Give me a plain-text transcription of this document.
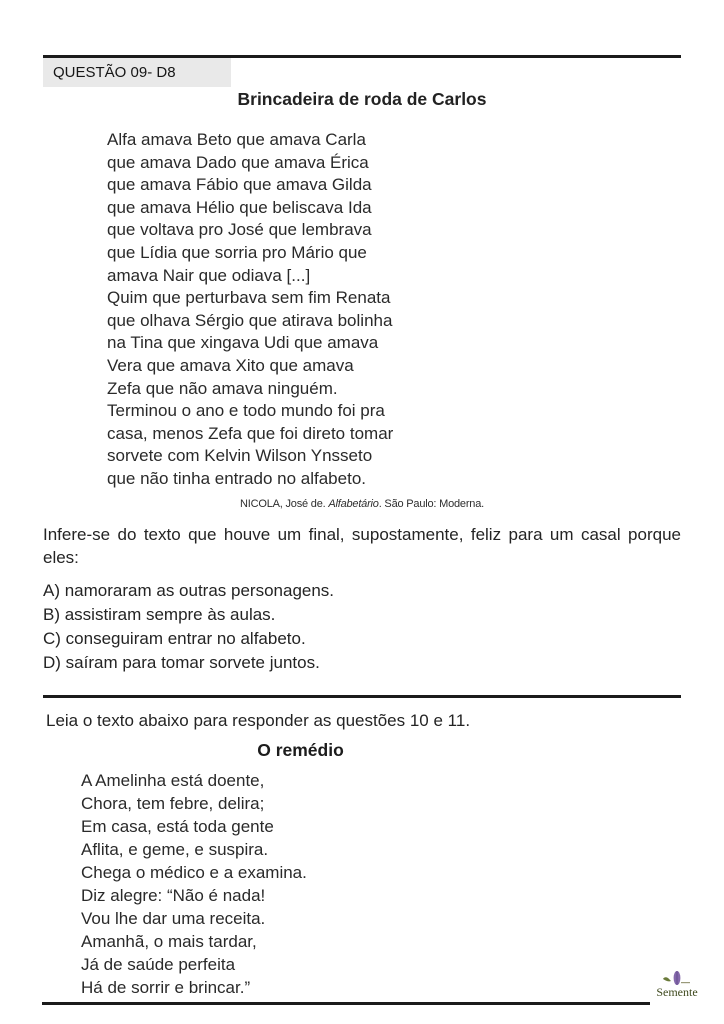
QUESTÃO 09- D8
Brincadeira de roda de Carlos
Alfa amava Beto que amava Carla
que amava Dado que amava Érica
que amava Fábio que amava Gilda
que amava Hélio que beliscava Ida
que voltava pro José que lembrava
que Lídia que sorria pro Mário que
amava Nair que odiava [...]
Quim que perturbava sem fim Renata
que olhava Sérgio que atirava bolinha
na Tina que xingava Udi que amava
Vera que amava Xito que amava
Zefa que não amava ninguém.
Terminou o ano e todo mundo foi pra
casa, menos Zefa que foi direto tomar
sorvete com Kelvin Wilson Ynsseto
que não tinha entrado no alfabeto.
NICOLA, José de. Alfabetário. São Paulo: Moderna.
Infere-se do texto que houve um final, supostamente, feliz para um casal porque eles:
A) namoraram as outras personagens.
B) assistiram sempre às aulas.
C) conseguiram entrar no alfabeto.
D) saíram para tomar sorvete juntos.
Leia o texto abaixo para responder as questões 10 e 11.
O remédio
A Amelinha está doente,
Chora, tem febre, delira;
Em casa, está toda gente
Aflita, e geme, e suspira.
Chega o médico e a examina.
Diz alegre: “Não é nada!
Vou lhe dar uma receita.
Amanhã, o mais tardar,
Já de saúde perfeita
Há de sorrir e brincar.”	Semente
